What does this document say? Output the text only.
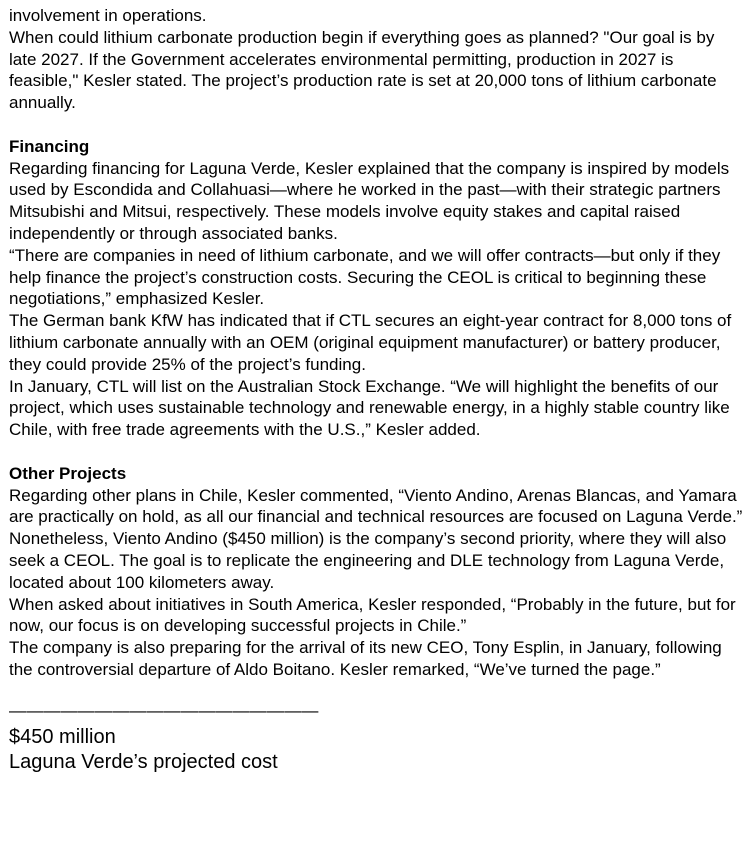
involvement in operations.

When could lithium carbonate production begin if everything goes as planned? "Our goal is by late 2027. If the Government accelerates environmental permitting, production in 2027 is feasible," Kesler stated. The project’s production rate is set at 20,000 tons of lithium carbonate annually.

Financing

Regarding financing for Laguna Verde, Kesler explained that the company is inspired by models used by Escondida and Collahuasi—where he worked in the past—with their strategic partners Mitsubishi and Mitsui, respectively. These models involve equity stakes and capital raised independently or through associated banks.

“There are companies in need of lithium carbonate, and we will offer contracts—but only if they help finance the project’s construction costs. Securing the CEOL is critical to beginning these negotiations,” emphasized Kesler.

The German bank KfW has indicated that if CTL secures an eight-year contract for 8,000 tons of lithium carbonate annually with an OEM (original equipment manufacturer) or battery producer, they could provide 25% of the project’s funding.

In January, CTL will list on the Australian Stock Exchange. “We will highlight the benefits of our project, which uses sustainable technology and renewable energy, in a highly stable country like Chile, with free trade agreements with the U.S.,” Kesler added.

Other Projects

Regarding other plans in Chile, Kesler commented, “Viento Andino, Arenas Blancas, and Yamara are practically on hold, as all our financial and technical resources are focused on Laguna Verde.”

Nonetheless, Viento Andino ($450 million) is the company’s second priority, where they will also seek a CEOL. The goal is to replicate the engineering and DLE technology from Laguna Verde, located about 100 kilometers away.

When asked about initiatives in South America, Kesler responded, “Probably in the future, but for now, our focus is on developing successful projects in Chile.”

The company is also preparing for the arrival of its new CEO, Tony Esplin, in January, following the controversial departure of Aldo Boitano. Kesler remarked, “We’ve turned the page.”

——————————————————

$450 million

Laguna Verde’s projected cost
